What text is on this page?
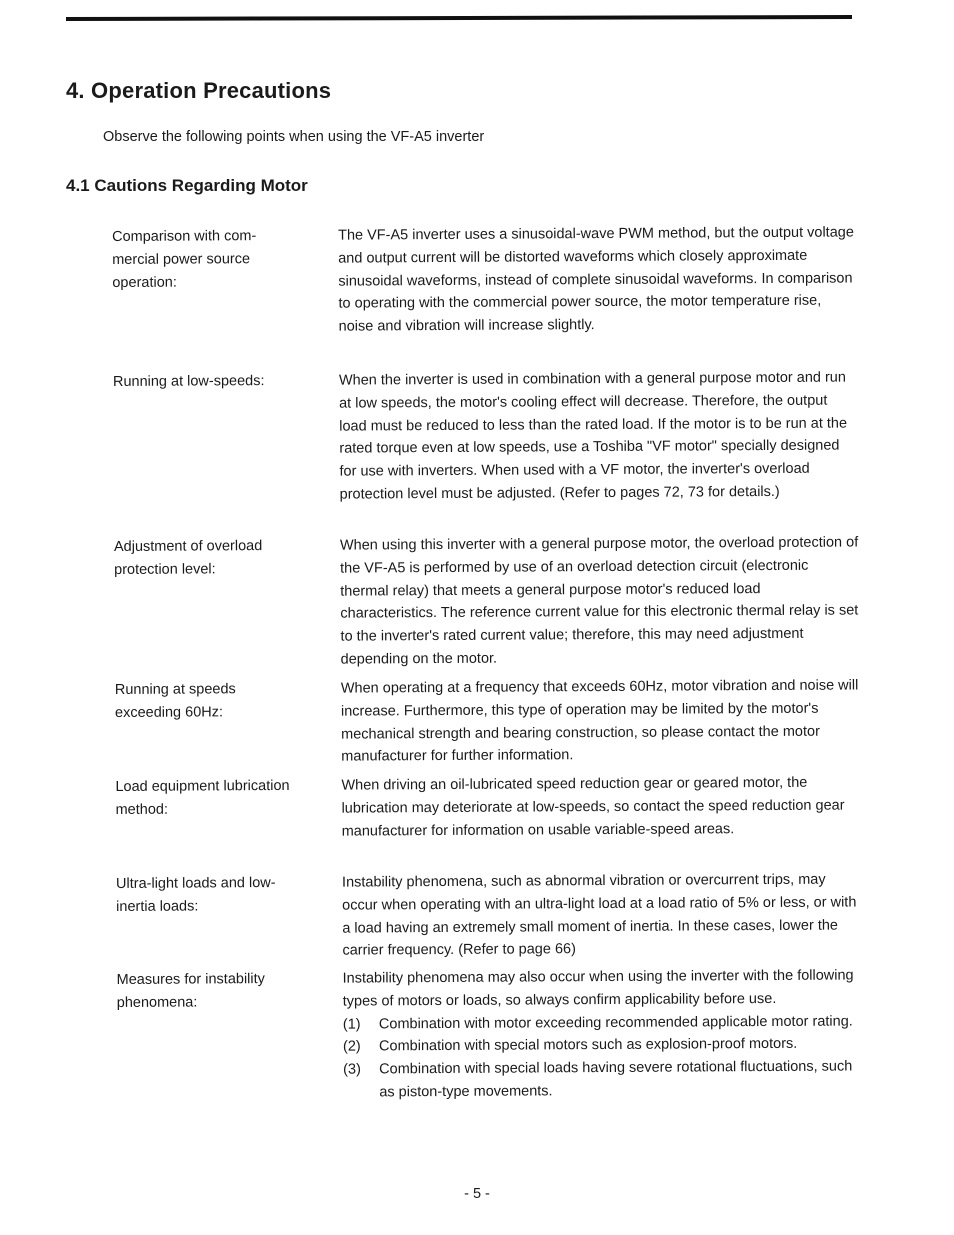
4. Operation Precautions

Observe the following points when using the VF-A5 inverter

4.1 Cautions Regarding Motor

Comparison with com- mercial power source operation:

The VF-A5 inverter uses a sinusoidal-wave PWM method, but the output voltage and output current will be distorted waveforms which closely approximate sinusoidal waveforms, instead of complete sinusoidal waveforms. In comparison to operating with the commercial power source, the motor temperature rise, noise and vibration will increase slightly.

Running at low-speeds:	When the inverter is used in combination with a general purpose motor and run at low speeds, the motor's cooling effect will decrease. Therefore, the output load must be reduced to less than the rated load. If the motor is to be run at the rated torque even at low speeds, use a Toshiba "VF motor" specially designed for use with inverters. When used with a VF motor, the inverter's overload protection level must be adjusted. (Refer to pages 72, 73 for details.)

Adjustment of overload protection level:

When using this inverter with a general purpose motor, the overload protection of the VF-A5 is performed by use of an overload detection circuit (electronic thermal relay) that meets a general purpose motor's reduced load characteristics. The reference current value for this electronic thermal relay is set to the inverter's rated current value; therefore, this may need adjustment depending on the motor.

Running at speeds exceeding 60Hz:

When operating at a frequency that exceeds 60Hz, motor vibration and noise will increase. Furthermore, this type of operation may be limited by the motor's mechanical strength and bearing construction, so please contact the motor manufacturer for further information.

Load equipment lubrication method:

When driving an oil-lubricated speed reduction gear or geared motor, the lubrication may deteriorate at low-speeds, so contact the speed reduction gear manufacturer for information on usable variable-speed areas.

Ultra-light loads and low- inertia loads:

Instability phenomena, such as abnormal vibration or overcurrent trips, may occur when operating with an ultra-light load at a load ratio of 5% or less, or with a load having an extremely small moment of inertia. In these cases, lower the carrier frequency. (Refer to page 66)

Measures for instability phenomena:

Instability phenomena may also occur when using the inverter with the following types of motors or loads, so always confirm applicability before use.

(1)	Combination with motor exceeding recommended applicable motor rating.
(2)	Combination with special motors such as explosion-proof motors.
(3)	Combination with special loads having severe rotational fluctuations, such as piston-type movements.

- 5 -
